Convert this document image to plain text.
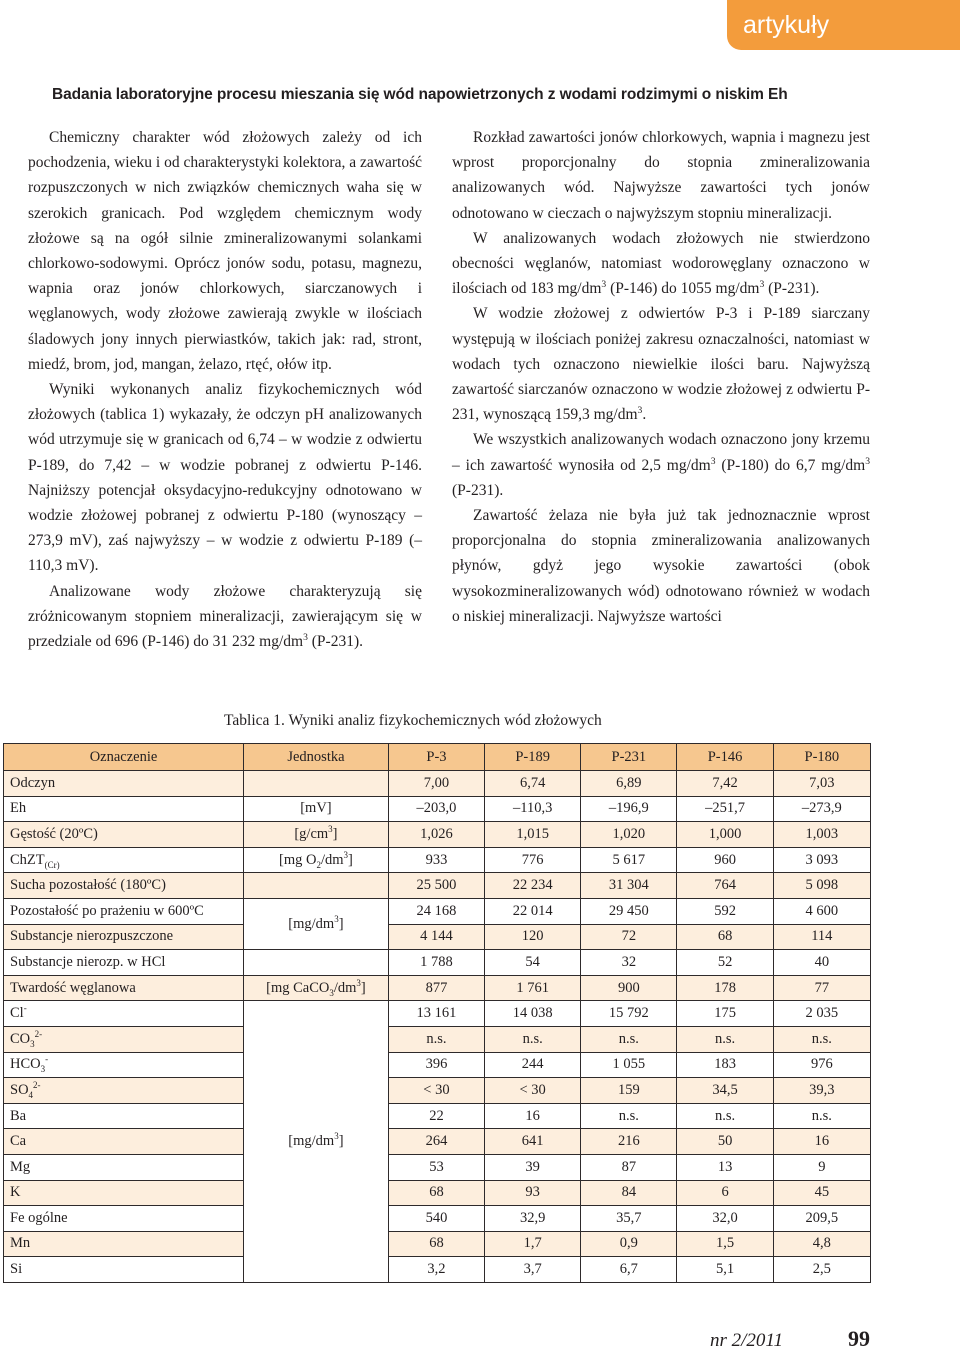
artykuły
Badania laboratoryjne procesu mieszania się wód napowietrzonych z wodami rodzimymi o niskim Eh

Chemiczny charakter wód złożowych zależy od ich pochodzenia, wieku i od charakterystyki kolektora, a zawartość rozpuszczonych w nich związków chemicznych waha się w szerokich granicach. Pod względem chemicznym wody złożowe są na ogół silnie zmineralizowanymi solankami chlorkowo-sodowymi. Oprócz jonów sodu, potasu, magnezu, wapnia oraz jonów chlorkowych, siarczanowych i węglanowych, wody złożowe zawierają zwykle w ilościach śladowych jony innych pierwiastków, takich jak: rad, stront, miedź, brom, jod, mangan, żelazo, rtęć, ołów itp.

Wyniki wykonanych analiz fizykochemicznych wód złożowych (tablica 1) wykazały, że odczyn pH analizowanych wód utrzymuje się w granicach od 6,74 – w wodzie z odwiertu P-189, do 7,42 – w wodzie pobranej z odwiertu P-146. Najniższy potencjał oksydacyjno-redukcyjny odnotowano w wodzie złożowej pobranej z odwiertu P-180 (wynoszący –273,9 mV), zaś najwyższy – w wodzie z odwiertu P-189 (–110,3 mV).

Analizowane wody złożowe charakteryzują się zróżnicowanym stopniem mineralizacji, zawierającym się w przedziale od 696 (P-146) do 31 232 $mg/dm^3$ (P-231).

Rozkład zawartości jonów chlorkowych, wapnia i magnezu jest wprost proporcjonalny do stopnia zmineralizowania analizowanych wód. Najwyższe zawartości tych jonów odnotowano w cieczach o najwyższym stopniu mineralizacji.

W analizowanych wodach złożowych nie stwierdzono obecności węglanów, natomiast wodorowęglany oznaczono w ilościach od 183 $mg/dm^3$ (P-146) do 1055 $mg/dm^3$ (P-231).

W wodzie złożowej z odwiertów P-3 i P-189 siarczany występują w ilościach poniżej zakresu oznaczalności, natomiast w wodach tych oznaczono niewielkie ilości baru. Najwyższą zawartość siarczanów oznaczono w wodzie złożowej z odwiertu P-231, wynoszącą 159,3 $mg/dm^3$.

We wszystkich analizowanych wodach oznaczono jony krzemu – ich zawartość wynosiła od 2,5 $mg/dm^3$ (P-180) do 6,7 $mg/dm^3$ (P-231).

Zawartość żelaza nie była już tak jednoznacznie wprost proporcjonalna do stopnia zmineralizowania analizowanych płynów, gdyż jego wysokie zawartości (obok wysokozmineralizowanych wód) odnotowano również w wodach o niskiej mineralizacji. Najwyższe wartości

Tablica 1. Wyniki analiz fizykochemicznych wód złożowych
Oznaczenie	Jednostka	P-3	P-189	P-231	P-146	P-180
Odczyn		7,00	6,74	6,89	7,42	7,03
Eh	[mV]	–203,0	–110,3	–196,9	–251,7	–273,9
Gęstość (20ºC)	$[g/cm^3]$	1,026	1,015	1,020	1,000	1,003
ChZT$_{(Cr)}$	[mg $O_2/dm^3$]	933	776	5 617	960	3 093
Sucha pozostałość (180ºC)		25 500	22 234	31 304	764	5 098
Pozostałość po prażeniu w 600ºC	$[mg/dm^3]$	24 168	22 014	29 450	592	4 600
Substancje nierozpuszczone		4 144	120	72	68	114
Substancje nierozp. w HCl		1 788	54	32	52	40
Twardość węglanowa	[mg $CaCO_3/dm^3$]	877	1 761	900	178	77
Cl-	$[mg/dm^3]$	13 161	14 038	15 792	175	2 035
$CO_3^{2-}$		n.s.	n.s.	n.s.	n.s.	n.s.
$HCO_3^-$		396	244	1 055	183	976
$SO_4^{2-}$		< 30	< 30	159	34,5	39,3
Ba		22	16	n.s.	n.s.	n.s.
Ca		264	641	216	50	16
Mg		53	39	87	13	9
K		68	93	84	6	45
Fe ogólne		540	32,9	35,7	32,0	209,5
Mn		68	1,7	0,9	1,5	4,8
Si		3,2	3,7	6,7	5,1	2,5
nr 2/2011	99
